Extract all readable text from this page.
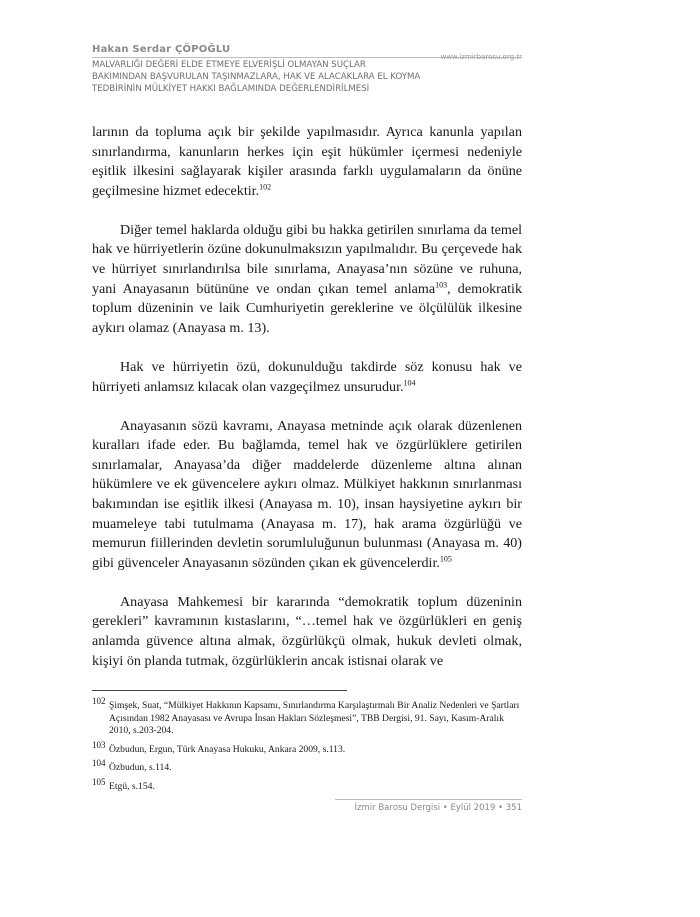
Hakan Serdar ÇÖPOĞLU
www.izmirbarosu.org.tr
MALVARLIĞI DEĞERİ ELDE ETMEYE ELVERİŞLİ OLMAYAN SUÇLAR
BAKIMINDAN BAŞVURULAN TAŞINMAZLARA, HAK VE ALACAKLARA EL KOYMA
TEDBİRİNİN MÜLKİYET HAKKI BAĞLAMINDA DEĞERLENDİRİLMESİ

larının da topluma açık bir şekilde yapılmasıdır. Ayrıca kanunla yapılan sınırlandırma, kanunların herkes için eşit hükümler içermesi nedeniyle eşitlik ilkesini sağlayarak kişiler arasında farklı uygulamaların da önüne geçilmesine hizmet edecektir.$^{102}$

Diğer temel haklarda olduğu gibi bu hakka getirilen sınırlama da temel hak ve hürriyetlerin özüne dokunulmaksızın yapılmalıdır. Bu çerçevede hak ve hürriyet sınırlandırılsa bile sınırlama, Anayasa’nın sözüne ve ruhuna, yani Anayasanın bütününe ve ondan çıkan temel anlama$^{103}$, demokratik toplum düzeninin ve laik Cumhuriyetin gereklerine ve ölçülülük ilkesine aykırı olamaz (Anayasa m. 13).

Hak ve hürriyetin özü, dokunulduğu takdirde söz konusu hak ve hürriyeti anlamsız kılacak olan vazgeçilmez unsurudur.$^{104}$

Anayasanın sözü kavramı, Anayasa metninde açık olarak düzenlenen kuralları ifade eder. Bu bağlamda, temel hak ve özgürlüklere getirilen sınırlamalar, Anayasa’da diğer maddelerde düzenleme altına alınan hükümlere ve ek güvencelere aykırı olmaz. Mülkiyet hakkının sınırlanması bakımından ise eşitlik ilkesi (Anayasa m. 10), insan haysiyetine aykırı bir muameleye tabi tutulmama (Anayasa m. 17), hak arama özgürlüğü ve memurun fiillerinden devletin sorumluluğunun bulunması (Anayasa m. 40) gibi güvenceler Anayasanın sözünden çıkan ek güvencelerdir.$^{105}$

Anayasa Mahkemesi bir kararında “demokratik toplum düzeninin gerekleri” kavramının kıstaslarını, “…temel hak ve özgürlükleri en geniş anlamda güvence altına almak, özgürlükçü olmak, hukuk devleti olmak, kişiyi ön planda tutmak, özgürlüklerin ancak istisnai olarak ve

$^{102}$ Şimşek, Suat, “Mülkiyet Hakkının Kapsamı, Sınırlandırma Karşılaştırmalı Bir Analiz Nedenleri ve Şartları Açısından 1982 Anayasası ve Avrupa İnsan Hakları Sözleşmesi”, TBB Dergisi, 91. Sayı, Kasım-Aralık 2010, s.203-204.

$^{103}$ Özbudun, Ergun, Türk Anayasa Hukuku, Ankara 2009, s.113.

$^{104}$ Özbudun, s.114.

$^{105}$ Etgü, s.154.

İzmir Barosu Dergisi • Eylül 2019 • 351
